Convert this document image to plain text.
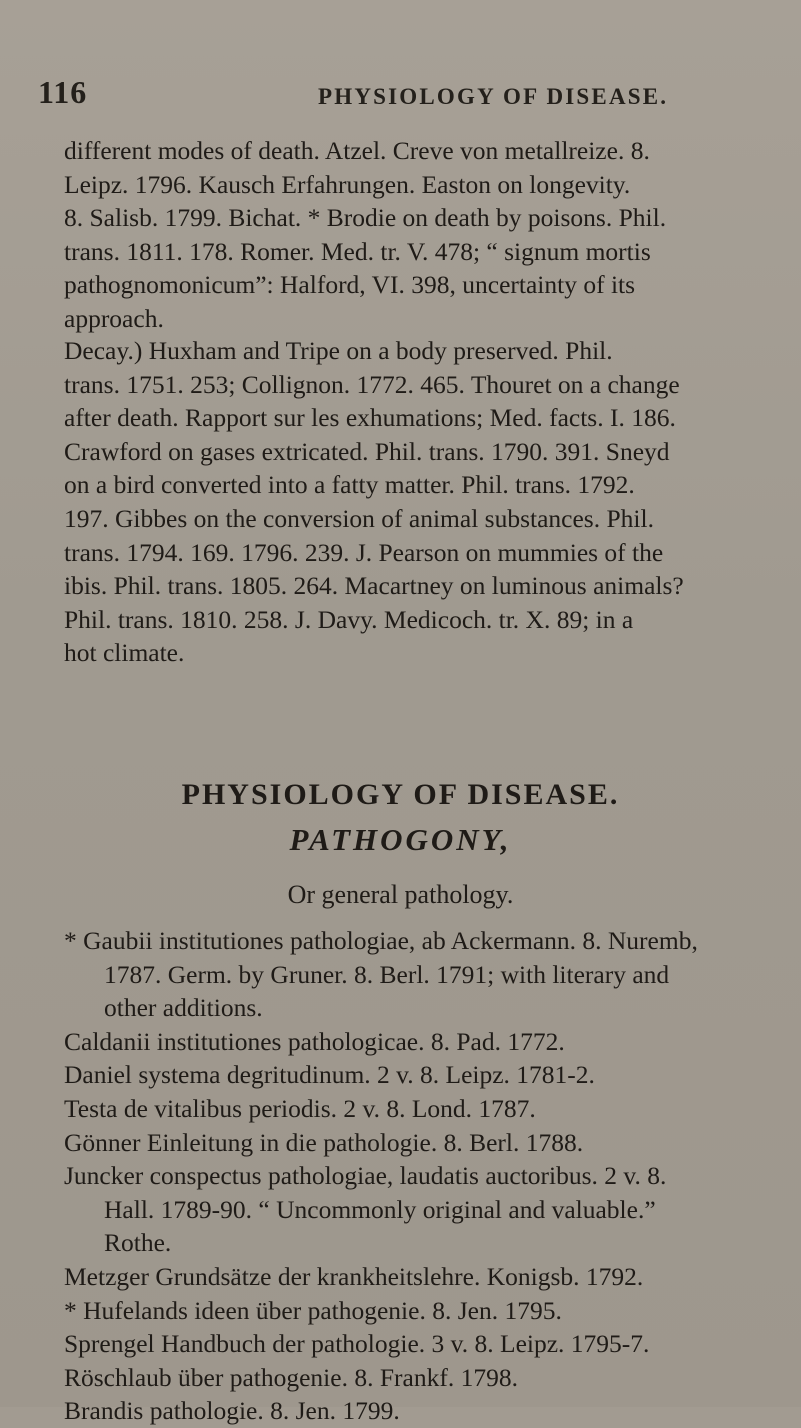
116	PHYSIOLOGY OF DISEASE.

different modes of death. Atzel. Creve von metallreize. 8.
Leipz. 1796. Kausch Erfahrungen. Easton on longevity.
8. Salisb. 1799. Bichat. * Brodie on death by poisons. Phil.
trans. 1811. 178. Romer. Med. tr. V. 478; “ signum mortis
pathognomonicum”: Halford, VI. 398, uncertainty of its
approach.

Decay.) Huxham and Tripe on a body preserved. Phil.
trans. 1751. 253; Collignon. 1772. 465. Thouret on a change
after death. Rapport sur les exhumations; Med. facts. I. 186.
Crawford on gases extricated. Phil. trans. 1790. 391. Sneyd
on a bird converted into a fatty matter. Phil. trans. 1792.
197. Gibbes on the conversion of animal substances. Phil.
trans. 1794. 169. 1796. 239. J. Pearson on mummies of the
ibis. Phil. trans. 1805. 264. Macartney on luminous animals?
Phil. trans. 1810. 258. J. Davy. Medicoch. tr. X. 89; in a
hot climate.

PHYSIOLOGY OF DISEASE.
PATHOGONY,
Or general pathology.
* Gaubii institutiones pathologiae, ab Ackermann. 8. Nuremb,
1787. Germ. by Gruner. 8. Berl. 1791; with literary and
other additions.
Caldanii institutiones pathologicae. 8. Pad. 1772.
Daniel systema degritudinum. 2 v. 8. Leipz. 1781-2.
Testa de vitalibus periodis. 2 v. 8. Lond. 1787.
Gönner Einleitung in die pathologie. 8. Berl. 1788.
Juncker conspectus pathologiae, laudatis auctoribus. 2 v. 8.
Hall. 1789-90. “ Uncommonly original and valuable.”
Rothe.
Metzger Grundsätze der krankheitslehre. Konigsb. 1792.
* Hufelands ideen über pathogenie. 8. Jen. 1795.
Sprengel Handbuch der pathologie. 3 v. 8. Leipz. 1795-7.
Röschlaub über pathogenie. 8. Frankf. 1798.
Brandis pathologie. 8. Jen. 1799.
